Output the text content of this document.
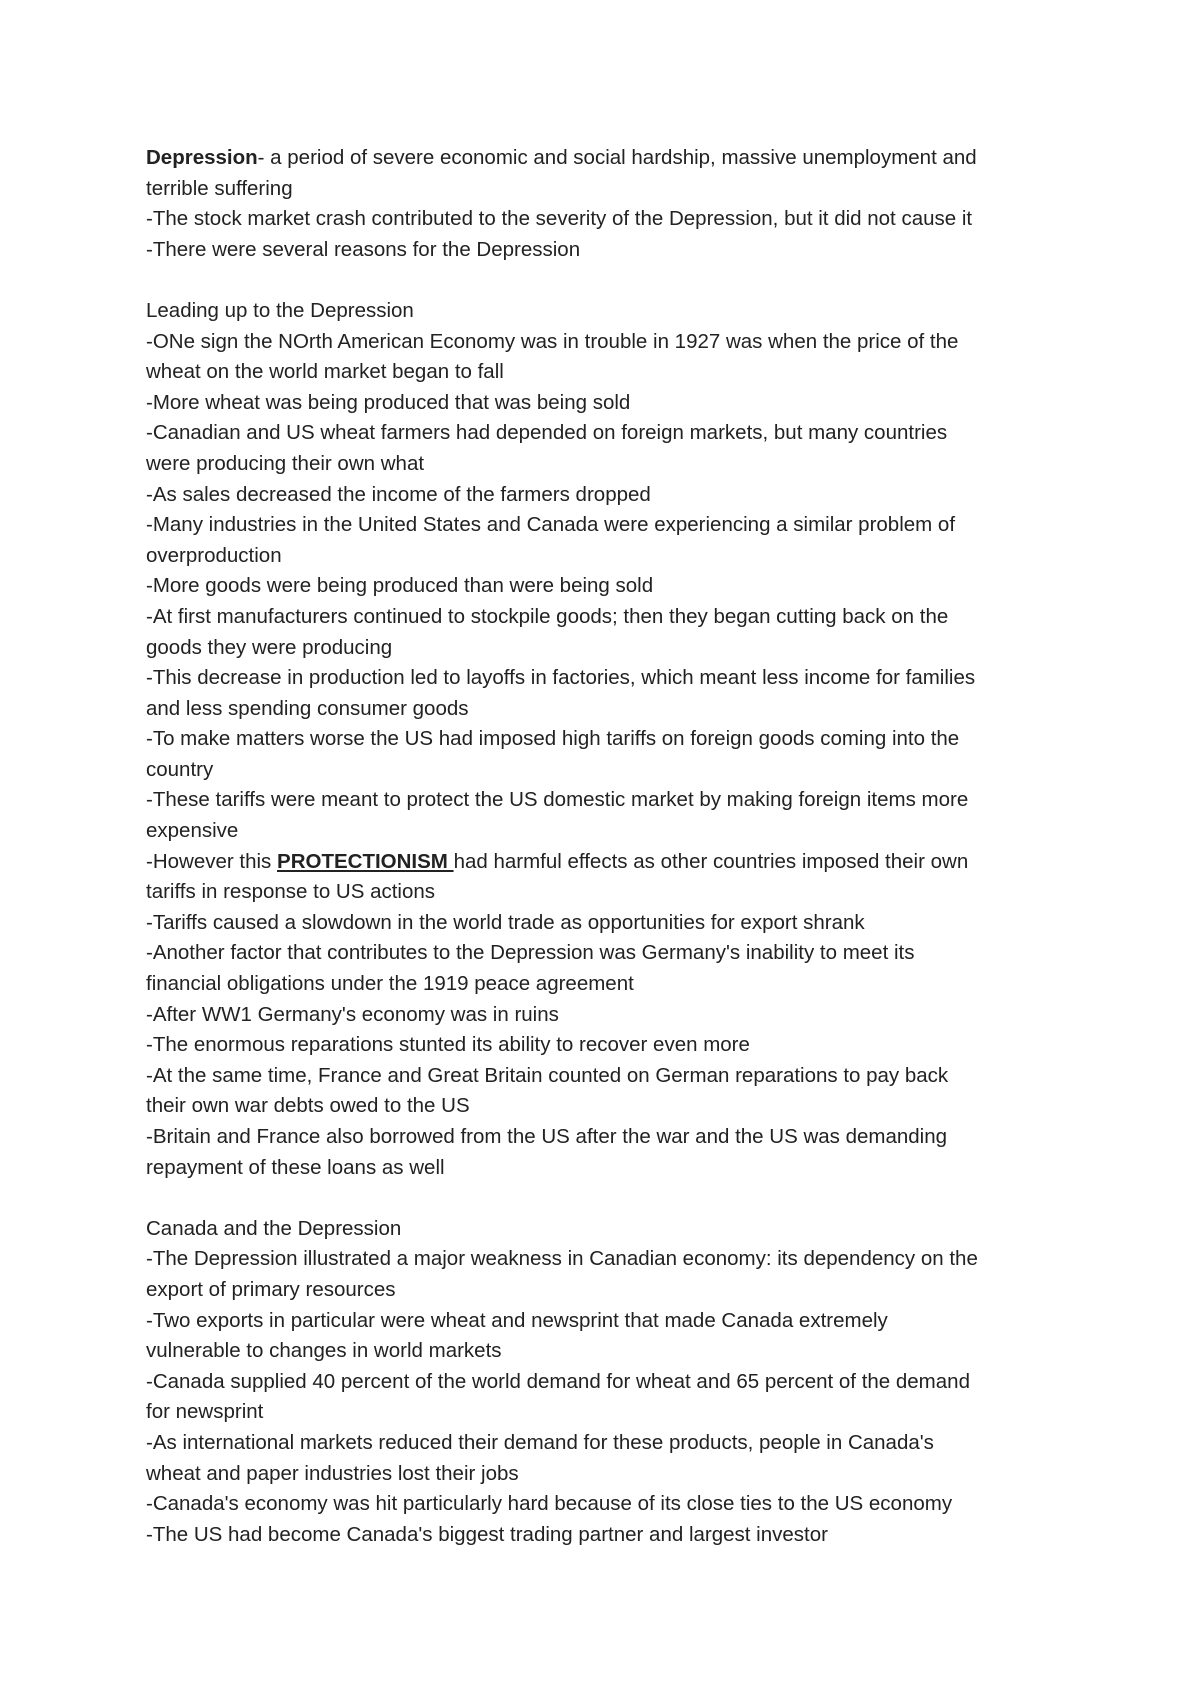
Depression- a period of severe economic and social hardship, massive unemployment and
terrible suffering
-The stock market crash contributed to the severity of the Depression, but it did not cause it
-There were several reasons for the Depression
Leading up to the Depression
-ONe sign the NOrth American Economy was in trouble in 1927 was when the price of the
wheat on the world market began to fall
-More wheat was being produced that was being sold
-Canadian and US wheat farmers had depended on foreign markets, but many countries
were producing their own what
-As sales decreased the income of the farmers dropped
-Many industries in the United States and Canada were experiencing a similar problem of
overproduction
-More goods were being produced than were being sold
-At first manufacturers continued to stockpile goods; then they began cutting back on the
goods they were producing
-This decrease in production led to layoffs in factories, which meant less income for families
and less spending consumer goods
-To make matters worse the US had imposed high tariffs on foreign goods coming into the
country
-These tariffs were meant to protect the US domestic market by making foreign items more
expensive
-However this PROTECTIONISM had harmful effects as other countries imposed their own
tariffs in response to US actions
-Tariffs caused a slowdown in the world trade as opportunities for export shrank
-Another factor that contributes to the Depression was Germany's inability to meet its
financial obligations under the 1919 peace agreement
-After WW1 Germany's economy was in ruins
-The enormous reparations stunted its ability to recover even more
-At the same time, France and Great Britain counted on German reparations to pay back
their own war debts owed to the US
-Britain and France also borrowed from the US after the war and the US was demanding
repayment of these loans as well
Canada and the Depression
-The Depression illustrated a major weakness in Canadian economy: its dependency on the
export of primary resources
-Two exports in particular were wheat and newsprint that made Canada extremely
vulnerable to changes in world markets
-Canada supplied 40 percent of the world demand for wheat and 65 percent of the demand
for newsprint
-As international markets reduced their demand for these products, people in Canada's
wheat and paper industries lost their jobs
-Canada's economy was hit particularly hard because of its close ties to the US economy
-The US had become Canada's biggest trading partner and largest investor
